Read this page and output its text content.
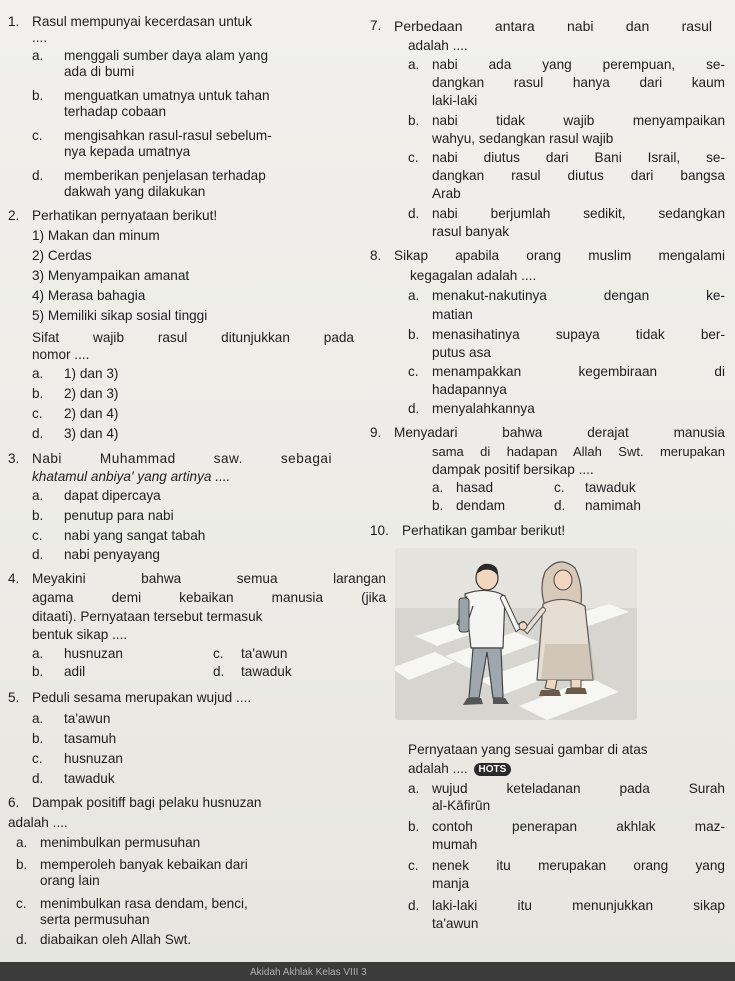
1. Rasul mempunyai kecerdasan untuk
....
a. menggali sumber daya alam yang
ada di bumi
b. menguatkan umatnya untuk tahan
terhadap cobaan
c. mengisahkan rasul-rasul sebelum-
nya kepada umatnya
d. memberikan penjelasan terhadap
dakwah yang dilakukan
2. Perhatikan pernyataan berikut!
1) Makan dan minum
2) Cerdas
3) Menyampaikan amanat
4) Merasa bahagia
5) Memiliki sikap sosial tinggi
Sifat wajib rasul ditunjukkan pada
nomor ....
a. 1) dan 3)
b. 2) dan 3)
c. 2) dan 4)
d. 3) dan 4)
3. Nabi Muhammad saw. sebagai
khatamul anbiya' yang artinya ....
a. dapat dipercaya
b. penutup para nabi
c. nabi yang sangat tabah
d. nabi penyayang
4. Meyakini bahwa semua larangan
agama demi kebaikan manusia (jika
ditaati). Pernyataan tersebut termasuk
bentuk sikap ....
a. husnuzan	c. ta'awun
b. adil	d. tawaduk
5. Peduli sesama merupakan wujud ....
a. ta'awun
b. tasamuh
c. husnuzan
d. tawaduk
6. Dampak positiff bagi pelaku husnuzan
adalah ....
a. menimbulkan permusuhan
b. memperoleh banyak kebaikan dari
orang lain
c. menimbulkan rasa dendam, benci,
serta permusuhan
d. diabaikan oleh Allah Swt.
7. Perbedaan antara nabi dan rasul
adalah ....
a. nabi ada yang perempuan, se-
dangkan rasul hanya dari kaum
laki-laki
b. nabi tidak wajib menyampaikan
wahyu, sedangkan rasul wajib
c. nabi diutus dari Bani Israil, se-
dangkan rasul diutus dari bangsa
Arab
d. nabi berjumlah sedikit, sedangkan
rasul banyak
8. Sikap apabila orang muslim mengalami
kegagalan adalah ....
a. menakut-nakutinya dengan ke-
matian
b. menasihatinya supaya tidak ber-
putus asa
c. menampakkan kegembiraan di
hadapannya
d. menyalahkannya
9. Menyadari bahwa derajat manusia
sama di hadapan Allah Swt. merupakan
dampak positif bersikap ....
a. hasad	c. tawaduk
b. dendam	d. namimah
10. Perhatikan gambar berikut!
Pernyataan yang sesuai gambar di atas
adalah .... HOTS
a. wujud keteladanan pada Surah
al-Kāfirūn
b. contoh penerapan akhlak maz-
mumah
c. nenek itu merupakan orang yang
manja
d. laki-laki itu menunjukkan sikap
ta'awun
Akidah Akhlak Kelas VIII 3
